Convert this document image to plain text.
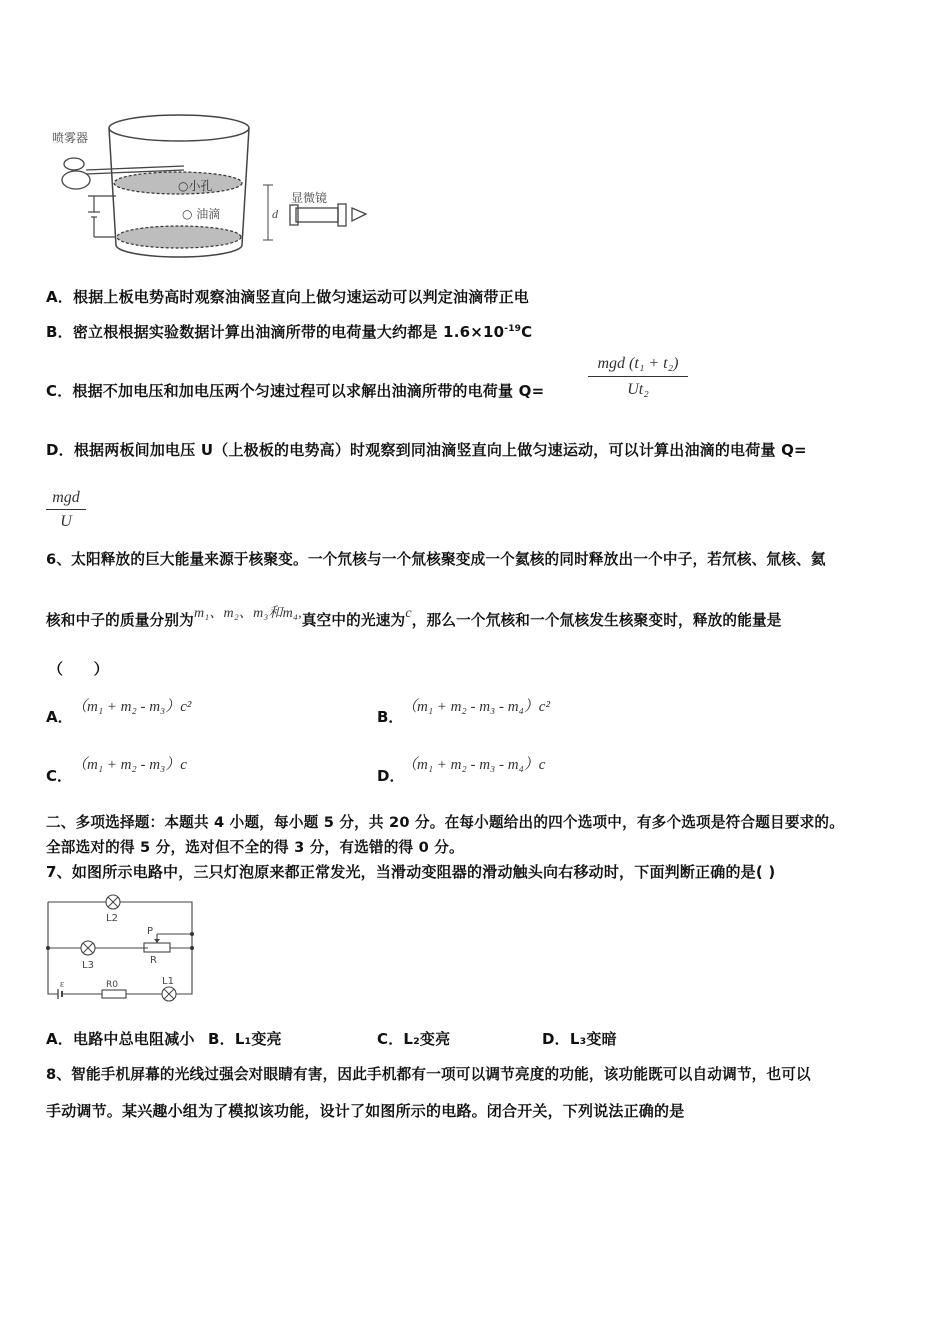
喷雾器
○小孔
○ 油滴	d
显微镜
A．根据上板电势高时观察油滴竖直向上做匀速运动可以判定油滴带正电
B．密立根根据实验数据计算出油滴所带的电荷量大约都是 $1.6\times 10^{-19}C$
C．根据不加电压和加电压两个匀速过程可以求解出油滴所带的电荷量 Q=
mgd (t₁ + t₂)
Ut₂
D．根据两板间加电压 U（上极板的电势高）时观察到同油滴竖直向上做匀速运动，可以计算出油滴的电荷量 Q=
mgd
U
6、太阳释放的巨大能量来源于核聚变。一个氘核与一个氚核聚变成一个氦核的同时释放出一个中子，若氘核、氚核、氦
核和中子的质量分别为m₁、m₂、m₃和m₄,真空中的光速为c，那么一个氘核和一个氚核发生核聚变时，释放的能量是
（　　）
A．
（m₁ + m₂ - m₃）c²
B．
（m₁ + m₂ - m₃ - m₄）c²
C．
（m₁ + m₂ - m₃）c
D．
（m₁ + m₂ - m₃ - m₄）c
二、多项选择题：本题共 4 小题，每小题 5 分，共 20 分。在每小题给出的四个选项中，有多个选项是符合题目要求的。
全部选对的得 5 分，选对但不全的得 3 分，有选错的得 0 分。
7、如图所示电路中，三只灯泡原来都正常发光，当滑动变阻器的滑动触头向右移动时，下面判断正确的是( )
L2
L3
P
R
ε	R0	L1
A．电路中总电阻减小 B．L₁变亮	C．L₂变亮	D．L₃变暗
8、智能手机屏幕的光线过强会对眼睛有害，因此手机都有一项可以调节亮度的功能，该功能既可以自动调节，也可以
手动调节。某兴趣小组为了模拟该功能，设计了如图所示的电路。闭合开关，下列说法正确的是
